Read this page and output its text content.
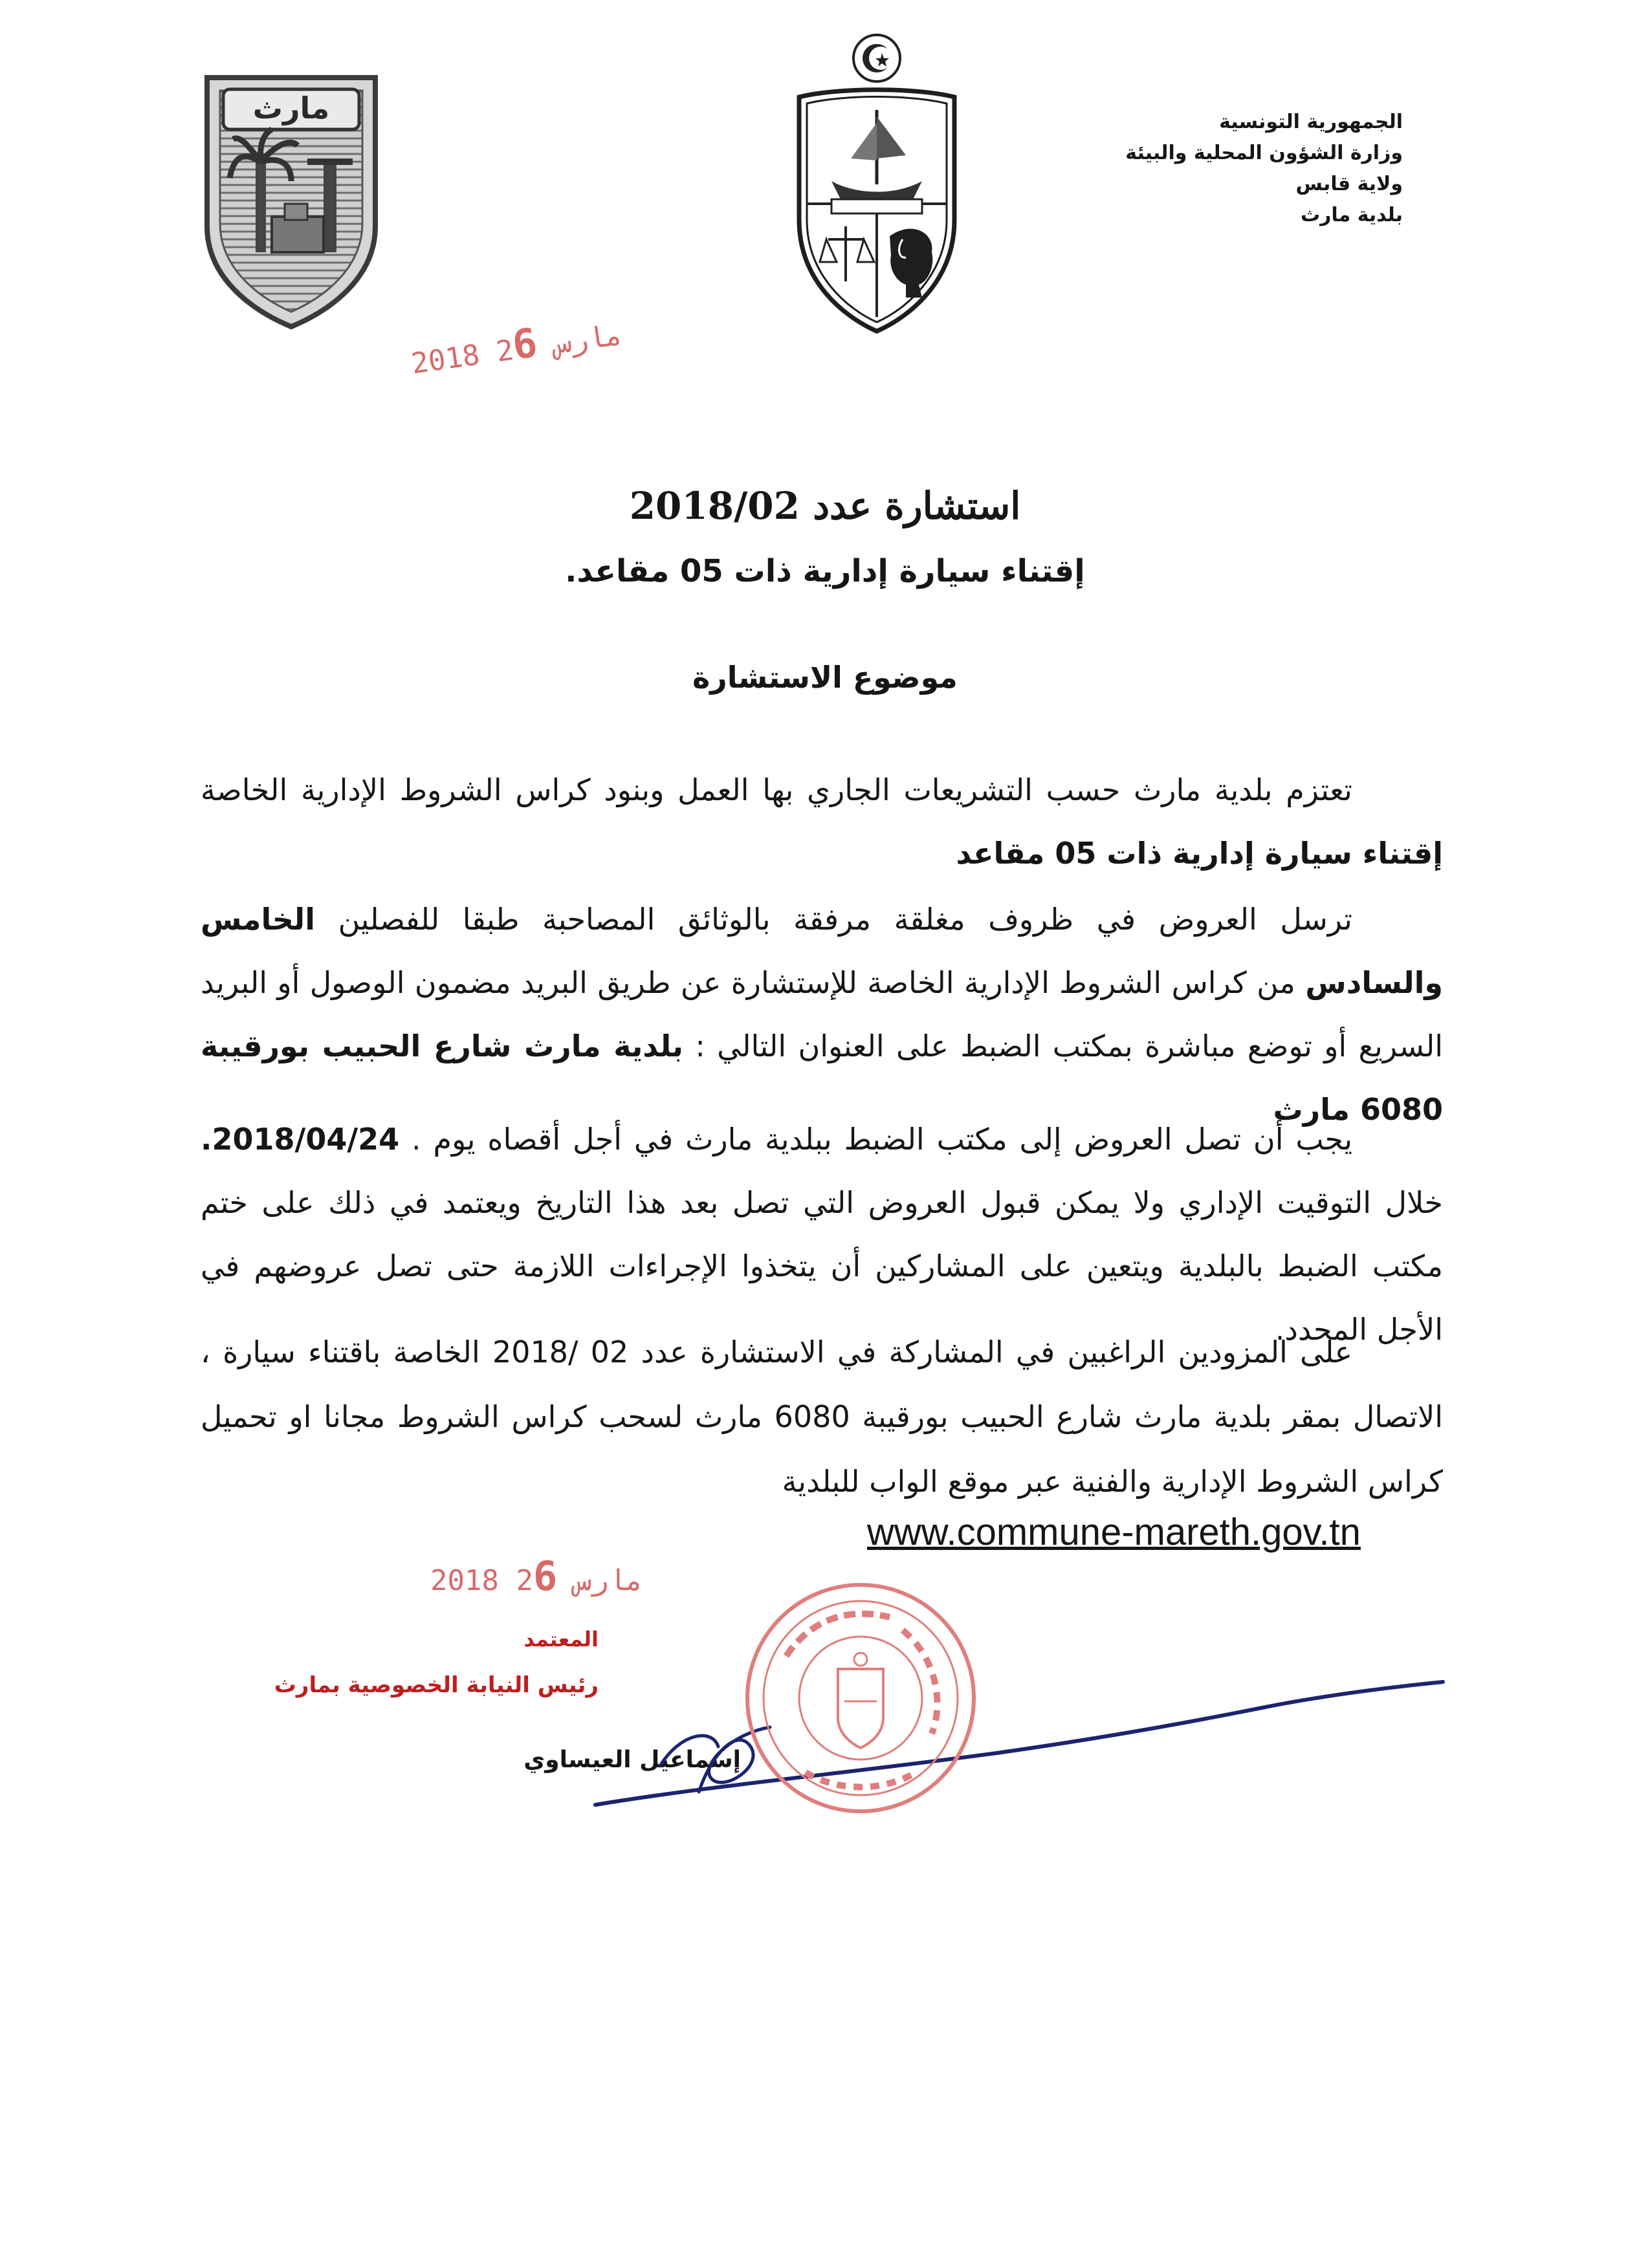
مارث	الجمهورية التونسية
وزارة الشؤون المحلية والبيئة
ولاية قابس
بلدية مارث
2018 مارس 26
استشارة عدد 2018/02
إقتناء سيارة إدارية ذات 05 مقاعد.
موضوع الاستشارة

تعتزم بلدية مارث حسب التشريعات الجاري بها العمل وبنود كراس الشروط الإدارية الخاصة إقتناء سيارة إدارية ذات 05 مقاعد

ترسل العروض في ظروف مغلقة مرفقة بالوثائق المصاحبة طبقا للفصلين الخامس والسادس من كراس الشروط الإدارية الخاصة للإستشارة عن طريق البريد مضمون الوصول أو البريد السريع أو توضع مباشرة بمكتب الضبط على العنوان التالي : بلدية مارث شارع الحبيب بورقيبة 6080 مارث

يجب أن تصل العروض إلى مكتب الضبط ببلدية مارث في أجل أقصاه يوم . 2018/04/24. خلال التوقيت الإداري ولا يمكن قبول العروض التي تصل بعد هذا التاريخ ويعتمد في ذلك على ختم مكتب الضبط بالبلدية ويتعين على المشاركين أن يتخذوا الإجراءات اللازمة حتى تصل عروضهم في الأجل المحدد.

على المزودين الراغبين في المشاركة في الاستشارة عدد 02 /2018 الخاصة باقتناء سيارة ، الاتصال بمقر بلدية مارث شارع الحبيب بورقيبة 6080 مارث لسحب كراس الشروط مجانا او تحميل كراس الشروط الإدارية والفنية عبر موقع الواب للبلدية

www.commune-mareth.gov.tn
2018 مارس 26
المعتمد
رئيس النيابة الخصوصية بمارث
إسماعيل العيساوي
